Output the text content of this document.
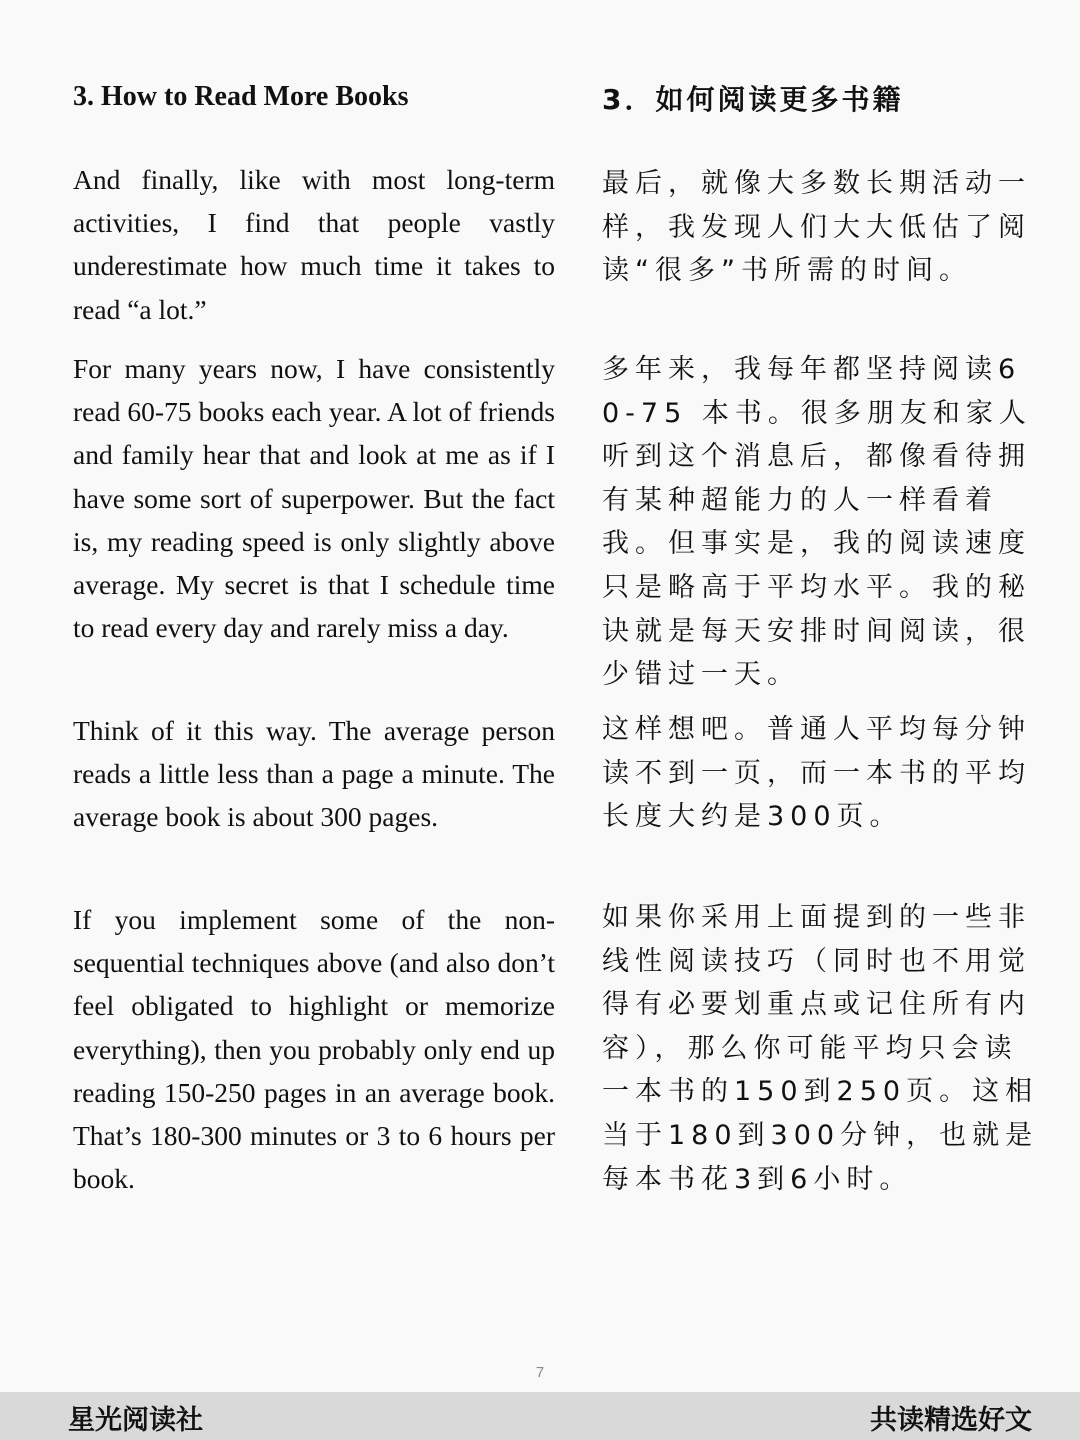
3. How to Read More Books

And finally, like with most long-term activities, I find that people vastly underestimate how much time it takes to read “a lot.”

For many years now, I have consistently read 60-75 books each year. A lot of friends and family hear that and look at me as if I have some sort of superpower. But the fact is, my reading speed is only slightly above average. My secret is that I schedule time to read every day and rarely miss a day.

Think of it this way. The average person reads a little less than a page a minute. The average book is about 300 pages.

If you implement some of the non-sequential techniques above (and also don’t feel obligated to highlight or memorize everything), then you probably only end up reading 150-250 pages in an average book. That’s 180-300 minutes or 3 to 6 hours per book.

3．如何阅读更多书籍

最后，就像大多数长期活动一样，我发现人们大大低估了阅读“很多”书所需的时间。

多年来，我每年都坚持阅读60-75 本书。很多朋友和家人听到这个消息后，都像看待拥有某种超能力的人一样看着我。但事实是，我的阅读速度只是略高于平均水平。我的秘诀就是每天安排时间阅读，很少错过一天。

这样想吧。普通人平均每分钟读不到一页，而一本书的平均长度大约是300页。

如果你采用上面提到的一些非线性阅读技巧（同时也不用觉得有必要划重点或记住所有内容），那么你可能平均只会读一本书的150到250页。这相当于180到300分钟，也就是每本书花3到6小时。

7
星光阅读社	共读精选好文
